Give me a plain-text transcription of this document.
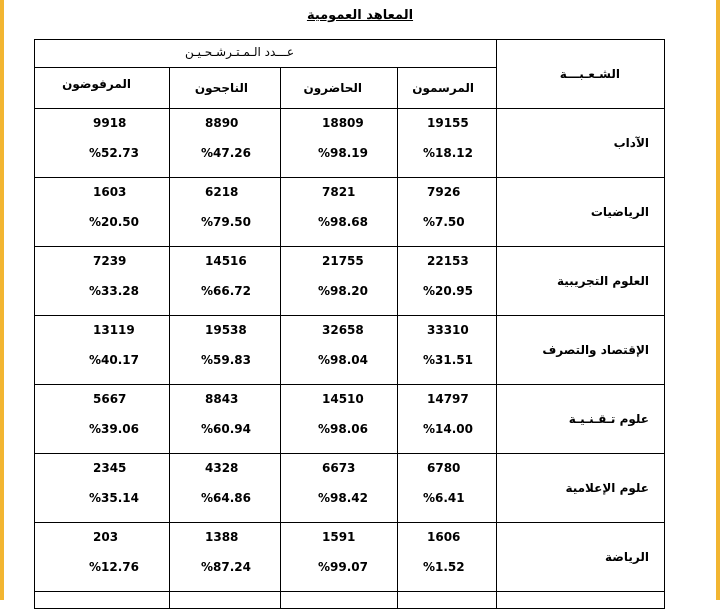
المعاهد العمومية
الشـعـبـــة
عـــدد الـمـتـرشـحـيـن
المرسمون
الحاضرون
الناجحون
المرفوضون
الآداب
19155
%18.12
18809
%98.19
8890
%47.26
9918
%52.73
الرياضيات
7926
%7.50
7821
%98.68
6218
%79.50
1603
%20.50
العلوم التجريبية
22153
%20.95
21755
%98.20
14516
%66.72
7239
%33.28
الإقتصاد والتصرف
33310
%31.51
32658
%98.04
19538
%59.83
13119
%40.17
علوم تـقـنـيـة
14797
%14.00
14510
%98.06
8843
%60.94
5667
%39.06
علوم الإعلامية
6780
%6.41
6673
%98.42
4328
%64.86
2345
%35.14
الرياضة
1606
%1.52
1591
%99.07
1388
%87.24
203
%12.76
